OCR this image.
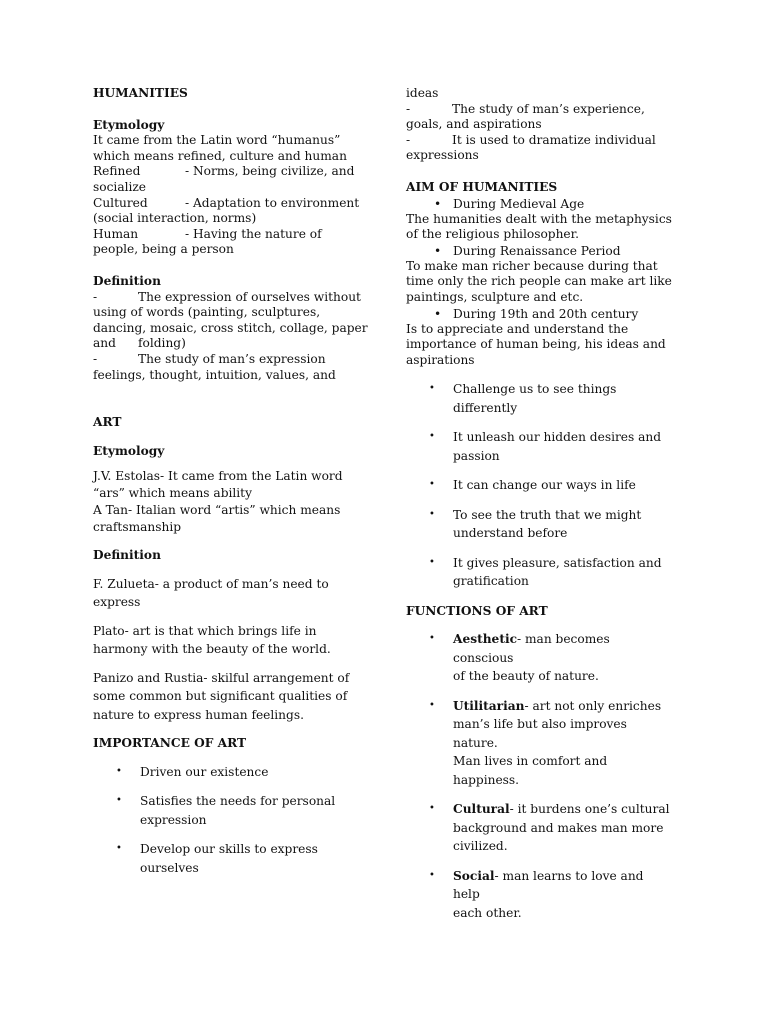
HUMANITIES
Etymology
It came from the Latin word “humanus”
which means refined, culture and human
Refined	- Norms, being civilize, and
socialize
Cultured	- Adaptation to environment
(social interaction, norms)
Human	- Having the nature of
people, being a person
Definition
-	The expression of ourselves without
using of words (painting, sculptures,
dancing, mosaic, cross stitch, collage, paper
and folding)
-	The study of man’s expression
feelings, thought, intuition, values, and
ART
Etymology
J.V. Estolas- It came from the Latin word
“ars” which means ability
A Tan- Italian word “artis” which means
craftsmanship
Definition
F. Zulueta- a product of man’s need to
express
Plato- art is that which brings life in
harmony with the beauty of the world.
Panizo and Rustia- skilful arrangement of
some common but significant qualities of
nature to express human feelings.
IMPORTANCE OF ART
• Driven our existence
• Satisfies the needs for personal
expression
• Develop our skills to express
ourselves
ideas
-	The study of man’s experience,
goals, and aspirations
-	It is used to dramatize individual
expressions
AIM OF HUMANITIES
• During Medieval Age
The humanities dealt with the metaphysics
of the religious philosopher.
• During Renaissance Period
To make man richer because during that
time only the rich people can make art like
paintings, sculpture and etc.
• During 19th and 20th century
Is to appreciate and understand the
importance of human being, his ideas and
aspirations
• Challenge us to see things
differently
• It unleash our hidden desires and
passion
• It can change our ways in life
• To see the truth that we might
understand before
• It gives pleasure, satisfaction and
gratification
FUNCTIONS OF ART
• Aesthetic- man becomes conscious
of the beauty of nature.
• Utilitarian- art not only enriches
man’s life but also improves nature.
Man lives in comfort and happiness.
• Cultural- it burdens one’s cultural
background and makes man more
civilized.
• Social- man learns to love and help
each other.
